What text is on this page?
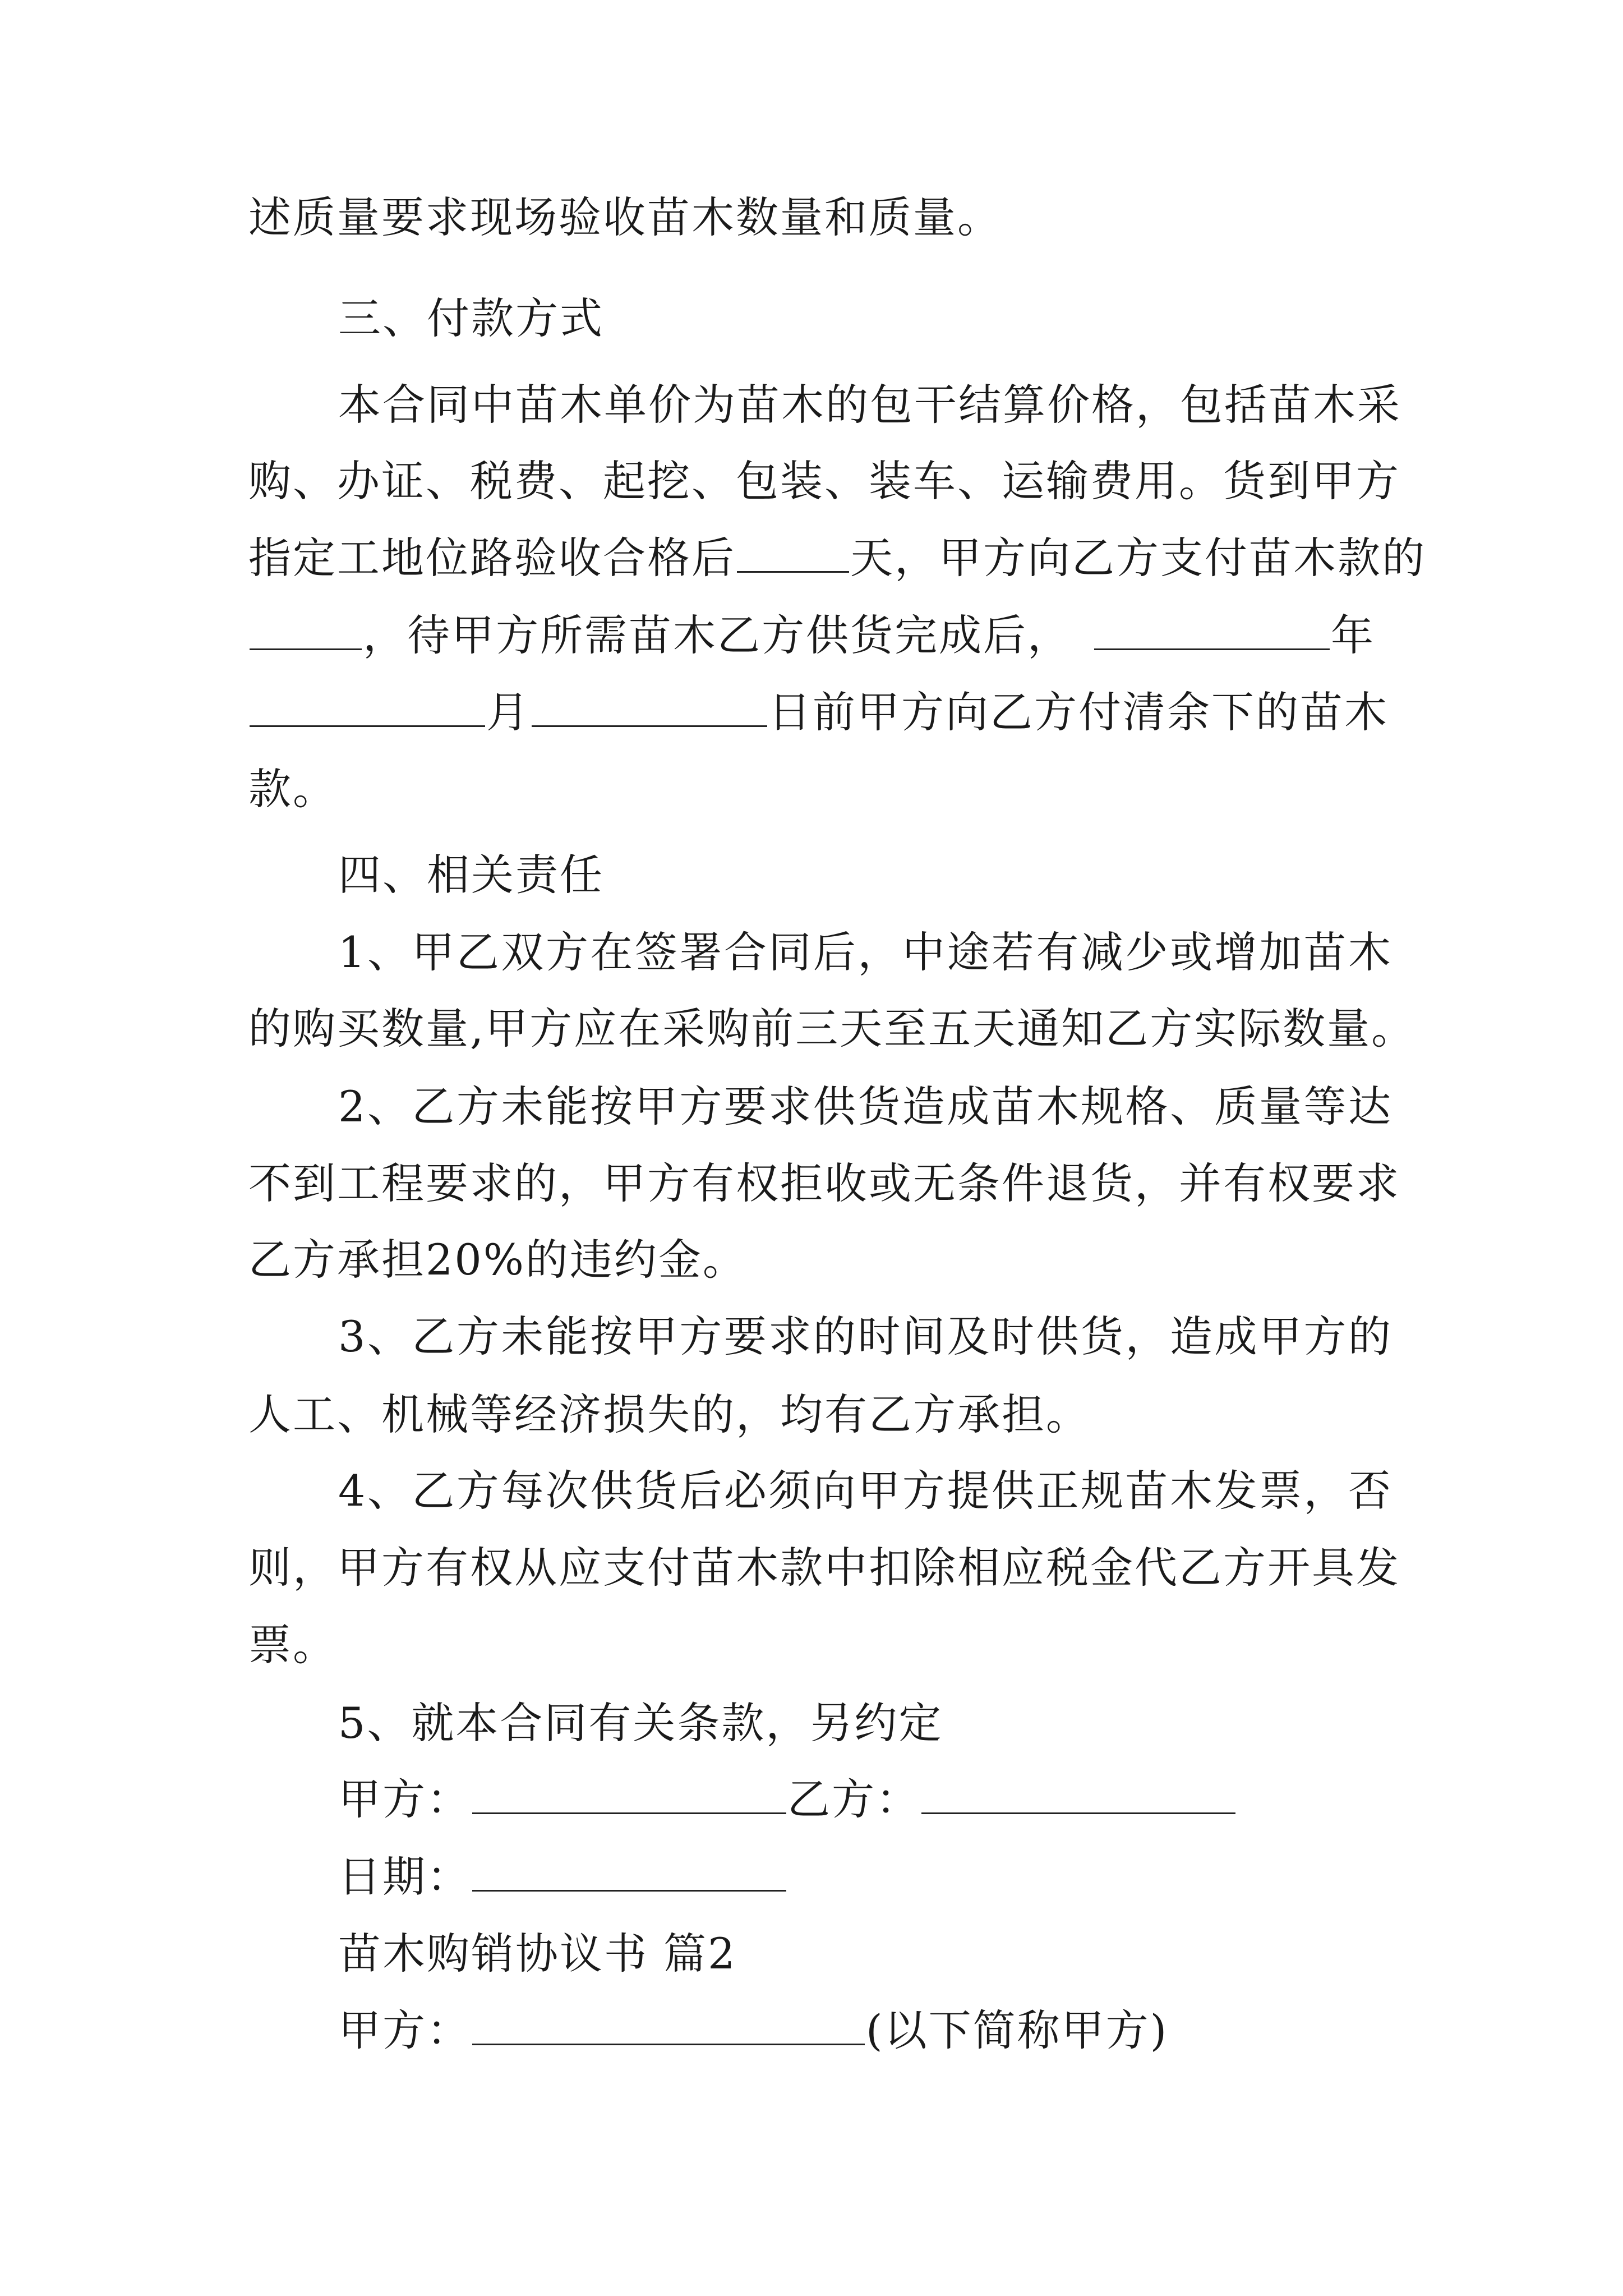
述质量要求现场验收苗木数量和质量。
三、付款方式
本合同中苗木单价为苗木的包干结算价格，包括苗木采
购、办证、税费、起挖、包装、装车、运输费用。货到甲方
指定工地位路验收合格后	天，甲方向乙方支付苗木款的
，待甲方所需苗木乙方供货完成后，	年
月	日前甲方向乙方付清余下的苗木
款。
四、相关责任
1、甲乙双方在签署合同后，中途若有减少或增加苗木
的购买数量,甲方应在采购前三天至五天通知乙方实际数量。
2、乙方未能按甲方要求供货造成苗木规格、质量等达
不到工程要求的，甲方有权拒收或无条件退货，并有权要求
乙方承担20%的违约金。
3、乙方未能按甲方要求的时间及时供货，造成甲方的
人工、机械等经济损失的，均有乙方承担。
4、乙方每次供货后必须向甲方提供正规苗木发票，否
则，甲方有权从应支付苗木款中扣除相应税金代乙方开具发
票。
5、就本合同有关条款，另约定
甲方：	乙方：
日期：
苗木购销协议书 篇2
甲方：	(以下简称甲方)
